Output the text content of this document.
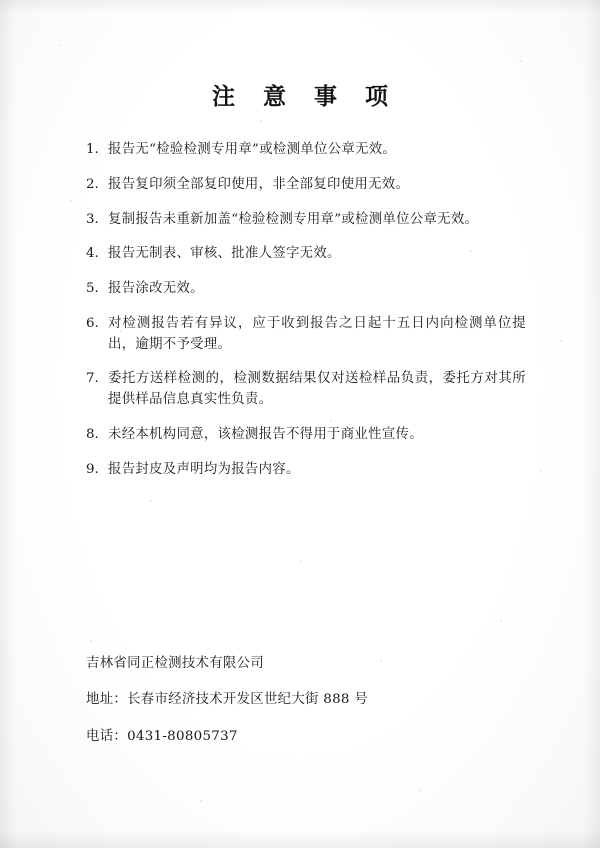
注 意 事 项
1. 报告无“检验检测专用章”或检测单位公章无效。
2. 报告复印须全部复印使用，非全部复印使用无效。
3. 复制报告未重新加盖“检验检测专用章”或检测单位公章无效。
4. 报告无制表、审核、批准人签字无效。
5. 报告涂改无效。
6. 对检测报告若有异议，应于收到报告之日起十五日内向检测单位提出，逾期不予受理。
7. 委托方送样检测的，检测数据结果仅对送检样品负责，委托方对其所提供样品信息真实性负责。
8. 未经本机构同意，该检测报告不得用于商业性宣传。
9. 报告封皮及声明均为报告内容。
吉林省同正检测技术有限公司
地址：长春市经济技术开发区世纪大街 888 号
电话：0431-80805737
